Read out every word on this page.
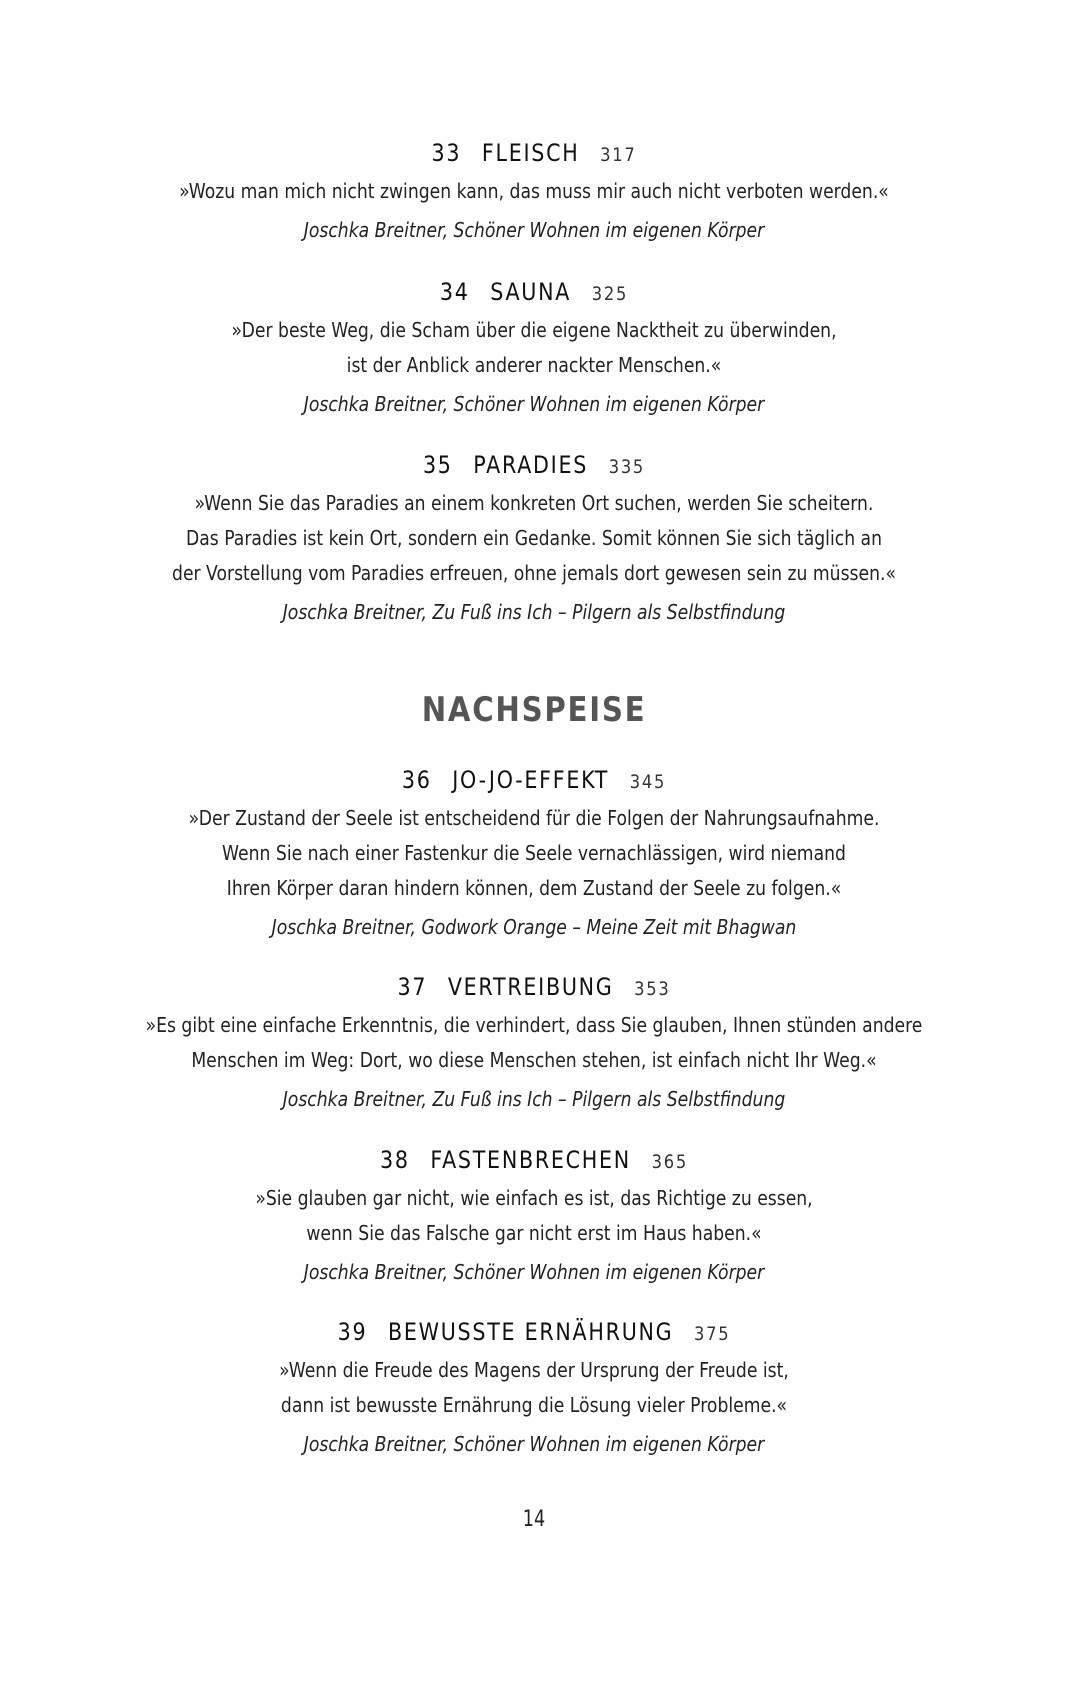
33 FLEISCH 317
»Wozu man mich nicht zwingen kann, das muss mir auch nicht verboten werden.«
Joschka Breitner, Schöner Wohnen im eigenen Körper
34 SAUNA 325
»Der beste Weg, die Scham über die eigene Nacktheit zu überwinden,
ist der Anblick anderer nackter Menschen.«
Joschka Breitner, Schöner Wohnen im eigenen Körper
35 PARADIES 335
»Wenn Sie das Paradies an einem konkreten Ort suchen, werden Sie scheitern.
Das Paradies ist kein Ort, sondern ein Gedanke. Somit können Sie sich täglich an
der Vorstellung vom Paradies erfreuen, ohne jemals dort gewesen sein zu müssen.«
Joschka Breitner, Zu Fuß ins Ich – Pilgern als Selbstfindung
NACHSPEISE
36 JO-JO-EFFEKT 345
»Der Zustand der Seele ist entscheidend für die Folgen der Nahrungsaufnahme.
Wenn Sie nach einer Fastenkur die Seele vernachlässigen, wird niemand
Ihren Körper daran hindern können, dem Zustand der Seele zu folgen.«
Joschka Breitner, Godwork Orange – Meine Zeit mit Bhagwan
37 VERTREIBUNG 353
»Es gibt eine einfache Erkenntnis, die verhindert, dass Sie glauben, Ihnen stünden andere
Menschen im Weg: Dort, wo diese Menschen stehen, ist einfach nicht Ihr Weg.«
Joschka Breitner, Zu Fuß ins Ich – Pilgern als Selbstfindung
38 FASTENBRECHEN 365
»Sie glauben gar nicht, wie einfach es ist, das Richtige zu essen,
wenn Sie das Falsche gar nicht erst im Haus haben.«
Joschka Breitner, Schöner Wohnen im eigenen Körper
39 BEWUSSTE ERNÄHRUNG 375
»Wenn die Freude des Magens der Ursprung der Freude ist,
dann ist bewusste Ernährung die Lösung vieler Probleme.«
Joschka Breitner, Schöner Wohnen im eigenen Körper
14
